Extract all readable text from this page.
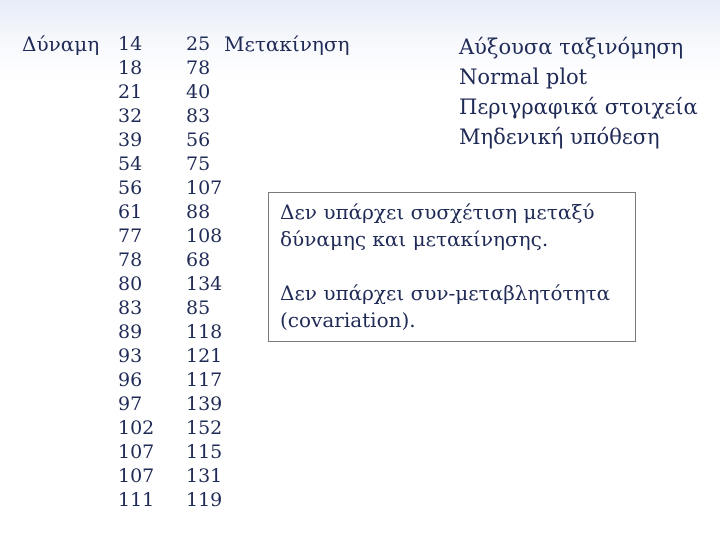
Δύναμη 14
18
21
32
39
54
56
61
77
78
80
83
89
93
96
97
102
107
107
111
25
78
40
83
56
75
107
88
108
68
134
85
118
121
117
139
152
115
131
119
Μετακίνηση	Αύξουσα ταξινόμηση
Normal plot
Περιγραφικά στοιχεία
Μηδενική υπόθεση

Δεν υπάρχει συσχέτιση μεταξύ δύναμης και μετακίνησης.

Δεν υπάρχει συν-μεταβλητότητα (covariation).
